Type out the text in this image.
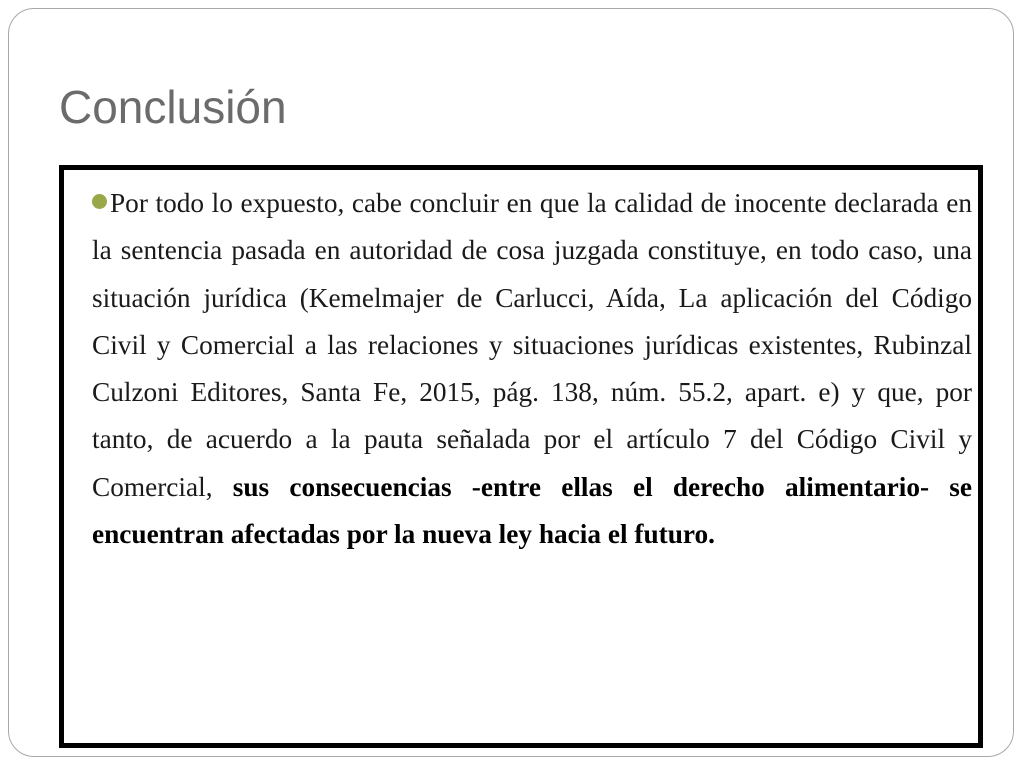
Conclusión

Por todo lo expuesto, cabe concluir en que la calidad de inocente declarada en la sentencia pasada en autoridad de cosa juzgada constituye, en todo caso, una situación jurídica (Kemelmajer de Carlucci, Aída, La aplicación del Código Civil y Comercial a las relaciones y situaciones jurídicas existentes, Rubinzal Culzoni Editores, Santa Fe, 2015, pág. 138, núm. 55.2, apart. e) y que, por tanto, de acuerdo a la pauta señalada por el artículo 7 del Código Civil y Comercial, sus consecuencias -entre ellas el derecho alimentario- se encuentran afectadas por la nueva ley hacia el futuro.
